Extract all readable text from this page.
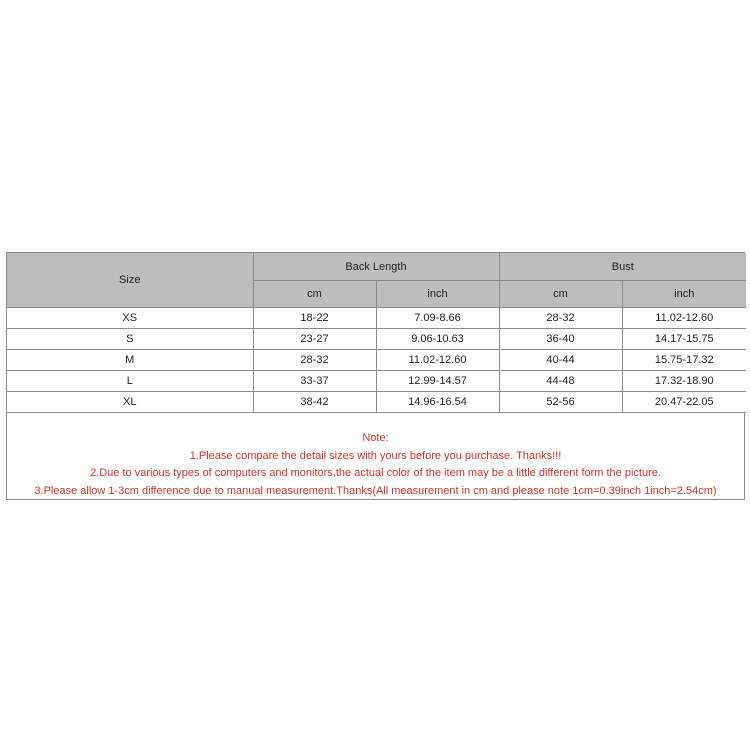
Size	Back Length		Bust	
	cm	inch	cm	inch
XS	18-22	7.09-8.66	28-32	11.02-12.60
S	23-27	9.06-10.63	36-40	14.17-15.75
M	28-32	11.02-12.60	40-44	15.75-17.32
L	33-37	12.99-14.57	44-48	17.32-18.90
XL	38-42	14.96-16.54	52-56	20.47-22.05
Note:
1.Please compare the detail sizes with yours before you purchase. Thanks!!!
2.Due to various types of computers and monitors,the actual color of the item may be a little different form the picture.
3.Please allow 1-3cm difference due to manual measurement.Thanks(All measurement in cm and please note 1cm=0.39inch 1inch=2.54cm)
